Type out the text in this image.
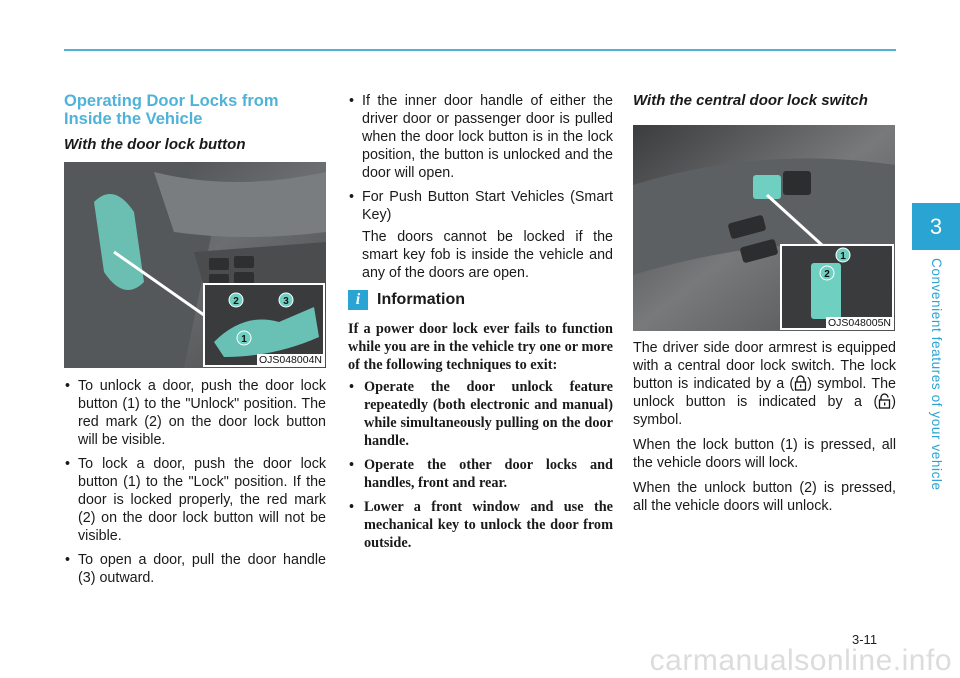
3
Convenient features of your vehicle
Operating Door Locks from Inside the Vehicle
With the door lock button
2	3
1
OJS048004N
• To unlock a door, push the door lock button (1) to the "Unlock" position. The red mark (2) on the door lock button will be visible.
• To lock a door, push the door lock button (1) to the "Lock" position. If the door is locked properly, the red mark (2) on the door lock button will not be visible.
• To open a door, pull the door handle (3) outward.
• If the inner door handle of either the driver door or passenger door is pulled when the door lock button is in the lock position, the button is unlocked and the door will open.
• For Push Button Start Vehicles (Smart Key)
The doors cannot be locked if the smart key fob is inside the vehicle and any of the doors are open.
i	Information
If a power door lock ever fails to function while you are in the vehicle try one or more of the following techniques to exit:
• Operate the door unlock feature repeatedly (both electronic and manual) while simultaneously pulling on the door handle.
• Operate the other door locks and handles, front and rear.
• Lower a front window and use the mechanical key to unlock the door from outside.
With the central door lock switch
2
1
OJS048005N

The driver side door armrest is equipped with a central door lock switch. The lock button is indicated by a ( ) symbol. The unlock button is indicated by a ( ) symbol.

When the lock button (1) is pressed, all the vehicle doors will lock.

When the unlock button (2) is pressed, all the vehicle doors will unlock.

3-11
carmanualsonline.info
